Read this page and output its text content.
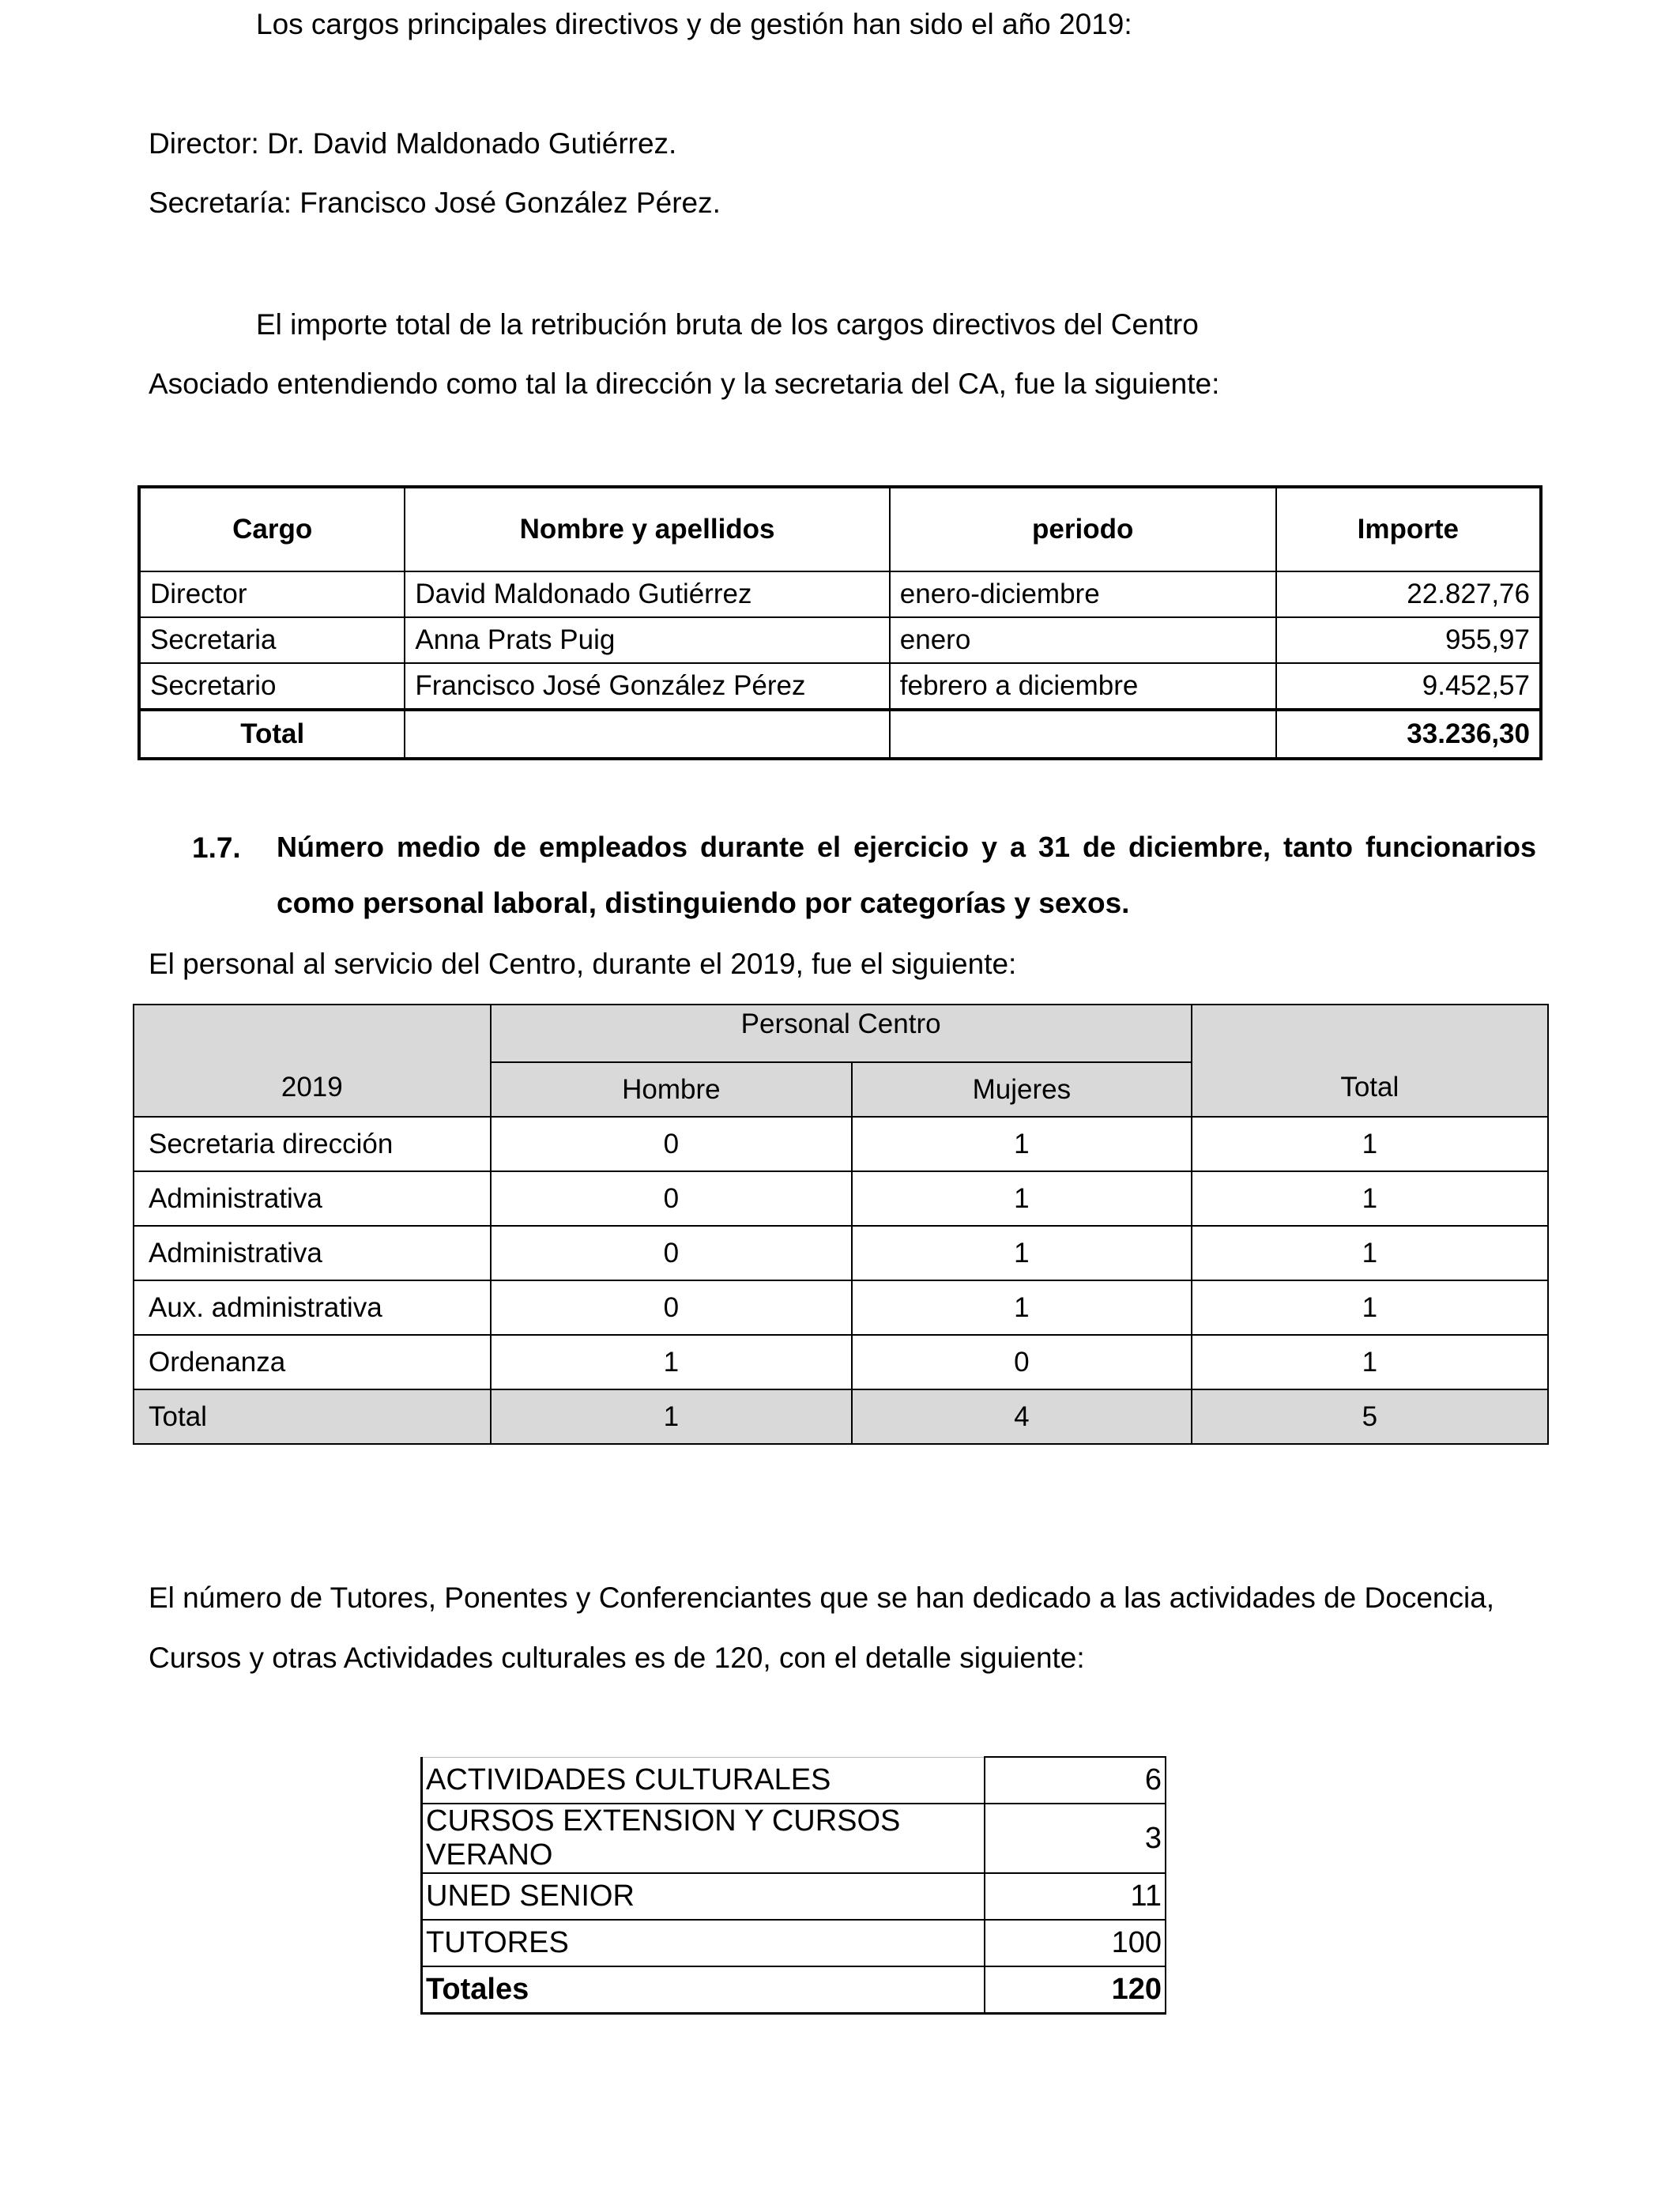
Los cargos principales directivos y de gestión han sido el año 2019:
Director: Dr. David Maldonado Gutiérrez.
Secretaría: Francisco José González Pérez.
El importe total de la retribución bruta de los cargos directivos del Centro
Asociado entendiendo como tal la dirección y la secretaria del CA, fue la siguiente:
Cargo	Nombre y apellidos	periodo	Importe
Director	David Maldonado Gutiérrez	enero-diciembre	22.827,76
Secretaria	Anna Prats Puig	enero	955,97
Secretario	Francisco José González Pérez	febrero a diciembre	9.452,57
Total			33.236,30
1.7. Número medio de empleados durante el ejercicio y a 31 de diciembre, tanto funcionarios
como personal laboral, distinguiendo por categorías y sexos.
El personal al servicio del Centro, durante el 2019, fue el siguiente:
2019	Personal Centro		Total
	Hombre	Mujeres	
Secretaria dirección	0	1	1
Administrativa	0	1	1
Administrativa	0	1	1
Aux. administrativa	0	1	1
Ordenanza	1	0	1
Total	1	4	5
El número de Tutores, Ponentes y Conferenciantes que se han dedicado a las actividades de Docencia,
Cursos y otras Actividades culturales es de 120, con el detalle siguiente:
ACTIVIDADES CULTURALES	6
CURSOS EXTENSION Y CURSOS VERANO	3
UNED SENIOR	11
TUTORES	100
Totales	120
